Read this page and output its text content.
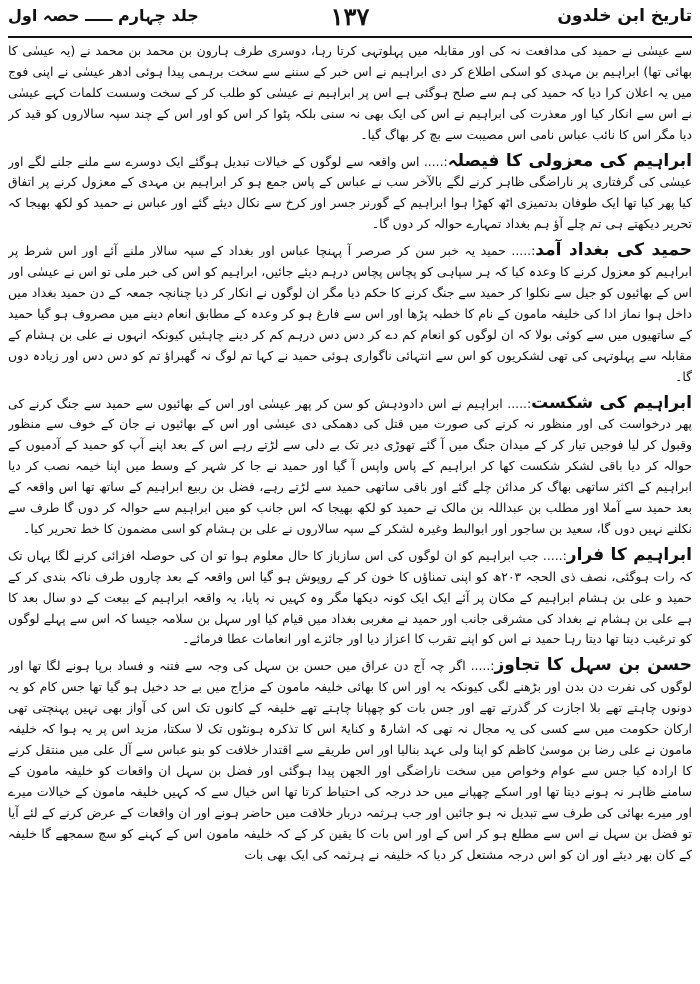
تاریخ ابن خلدون
۱۳۷
جلد چہارم ـــــ حصہ اول

سے عیسٰی نے حمید کی مدافعت نہ کی اور مقابلہ میں پہلوتہی کرتا رہا، دوسری طرف ہارون بن محمد بن محمد نے (یہ عیسٰی کا بھائی تھا) ابراہیم بن مہدی کو اسکی اطلاع کر دی ابراہیم نے اس خبر کے سننے سے سخت برہمی پیدا ہوئی ادھر عیسٰی نے اپنی فوج میں یہ اعلان کرا دیا کہ حمید کی ہم سے صلح ہوگئی ہے اس پر ابراہیم نے عیسٰی کو طلب کر کے سخت وسست کلمات کہے عیسٰی نے اس سے انکار کیا اور معذرت کی ابراہیم نے اس کی ایک بھی نہ سنی بلکہ پٹوا کر اس کو اور اس کے چند سپہ سالاروں کو قید کر دیا مگر اس کا نائب عباس نامی اس مصیبت سے بچ کر بھاگ گیا۔

ابراہیم کی معزولی کا فیصلہ:..... اس واقعہ سے لوگوں کے خیالات تبدیل ہوگئے ایک دوسرے سے ملنے جلنے لگے اور عیسٰی کی گرفتاری پر ناراضگی ظاہر کرنے لگے بالآخر سب نے عباس کے پاس جمع ہو کر ابراہیم بن مہدی کے معزول کرنے پر اتفاق کیا پھر کیا تھا ایک طوفان بدتمیزی اٹھ کھڑا ہوا ابراہیم کے گورنر جسر اور کرخ سے نکال دیئے گئے اور عباس نے حمید کو لکھ بھیجا کہ تحریر دیکھتے ہی تم چلے آؤ ہم بغداد تمہارے حوالہ کر دوں گا۔

حمید کی بغداد آمد:..... حمید یہ خبر سن کر صرصر آ پہنچا عباس اور بغداد کے سپہ سالار ملنے آئے اور اس شرط پر ابراہیم کو معزول کرنے کا وعدہ کیا کہ ہر سپاہی کو پچاس پچاس درہم دیئے جائیں، ابراہیم کو اس کی خبر ملی تو اس نے عیسٰی اور اس کے بھائیوں کو جیل سے نکلوا کر حمید سے جنگ کرنے کا حکم دیا مگر ان لوگوں نے انکار کر دیا چنانچہ جمعہ کے دن حمید بغداد میں داخل ہوا نماز ادا کی خلیفہ مامون کے نام کا خطبہ پڑھا اور اس سے فارغ ہو کر وعدہ کے مطابق انعام دینے میں مصروف ہو گیا حمید کے ساتھیوں میں سے کوئی بولا کہ ان لوگوں کو انعام کم دے کر دس دس درہم کم کر دینے چاہئیں کیونکہ انہوں نے علی بن ہشام کے مقابلہ سے پہلوتہی کی تھی لشکریوں کو اس سے انتہائی ناگواری ہوئی حمید نے کہا تم لوگ نہ گھبراؤ تم کو دس دس اور زیادہ دوں گا۔

ابراہیم کی شکست:..... ابراہیم نے اس دادودہش کو سن کر پھر عیسٰی اور اس کے بھائیوں سے حمید سے جنگ کرنے کی پھر درخواست کی اور منظور نہ کرنے کی صورت میں قتل کی دھمکی دی عیسٰی اور اس کے بھائیوں نے جان کے خوف سے منظور وقبول کر لیا فوجیں تیار کر کے میدان جنگ میں آ گئے تھوڑی دیر تک بے دلی سے لڑتے رہے اس کے بعد اپنے آپ کو حمید کے آدمیوں کے حوالہ کر دیا باقی لشکر شکست کھا کر ابراہیم کے پاس واپس آ گیا اور حمید نے جا کر شہر کے وسط میں اپنا خیمہ نصب کر دیا ابراہیم کے اکثر ساتھی بھاگ کر مدائن چلے گئے اور باقی ساتھی حمید سے لڑتے رہے، فضل بن ربیع ابراہیم کے ساتھ تھا اس واقعہ کے بعد حمید سے آملا اور مطلب بن عبداللہ بن مالک نے حمید کو لکھ بھیجا کہ اس جانب کو میں ابراہیم سے حوالہ کر دوں گا طرف سے نکلنے نہیں دوں گا، سعید بن ساجور اور ابوالبط وغیرہ لشکر کے سپہ سالاروں نے علی بن ہشام کو اسی مضمون کا خط تحریر کیا۔

ابراہیم کا فرار:..... جب ابراہیم کو ان لوگوں کی اس سازباز کا حال معلوم ہوا تو ان کی حوصلہ افزائی کرنے لگا یہاں تک کہ رات ہوگئی، نصف ذی الحجہ ۲۰۳ھ کو اپنی تمناؤں کا خون کر کے روپوش ہو گیا اس واقعہ کے بعد چاروں طرف ناکہ بندی کر کے حمید و علی بن ہشام ابراہیم کے مکان پر آئے ایک ایک کونہ دیکھا مگر وہ کہیں نہ پایا، یہ واقعہ ابراہیم کے بیعت کے دو سال بعد کا ہے علی بن ہشام نے بغداد کی مشرقی جانب اور حمید نے مغربی بغداد میں قیام کیا اور سہل بن سلامہ جیسا کہ اس سے پہلے لوگوں کو ترغیب دیتا تھا دیتا رہا حمید نے اس کو اپنے تقرب کا اعزاز دیا اور جائزے اور انعامات عطا فرمائے۔

حسن بن سہل کا تجاوز:..... اگر چہ آج دن عراق میں حسن بن سہل کی وجہ سے فتنہ و فساد برپا ہونے لگا تھا اور لوگوں کی نفرت دن بدن اور بڑھنے لگی کیونکہ یہ اور اس کا بھائی خلیفہ مامون کے مزاج میں بے حد دخیل ہو گیا تھا جس کام کو یہ دونوں چاہتے تھے بلا اجازت کر گذرتے تھے اور جس بات کو چھپانا چاہتے تھے خلیفہ کے کانوں تک اس کی آواز بھی نہیں پہنچتی تھی ارکان حکومت میں سے کسی کی یہ مجال نہ تھی کہ اشارۃً و کنایۃً اس کا تذکرہ ہونٹوں تک لا سکتا، مزید اس پر یہ ہوا کہ خلیفہ مامون نے علی رضا بن موسیٰ کاظم کو اپنا ولی عہد بنالیا اور اس طریقے سے اقتدار خلافت کو بنو عباس سے آل علی میں منتقل کرنے کا ارادہ کیا جس سے عوام وخواص میں سخت ناراضگی اور الجھن پیدا ہوگئی اور فضل بن سہل ان واقعات کو خلیفہ مامون کے سامنے ظاہر نہ ہونے دیتا تھا اور اسکے چھپانے میں حد درجہ کی احتیاط کرتا تھا اس خیال سے کہ کہیں خلیفہ مامون کے خیالات میرے اور میرے بھائی کی طرف سے تبدیل نہ ہو جائیں اور جب ہرثمہ دربار خلافت میں حاضر ہونے اور ان واقعات کے عرض کرنے کے لئے آیا تو فضل بن سہل نے اس سے مطلع ہو کر اس کے اور اس بات کا یقین کر کے کہ خلیفہ مامون اس کے کہنے کو سچ سمجھے گا خلیفہ کے کان بھر دیئے اور ان کو اس درجہ مشتعل کر دیا کہ خلیفہ نے ہرثمہ کی ایک بھی بات
